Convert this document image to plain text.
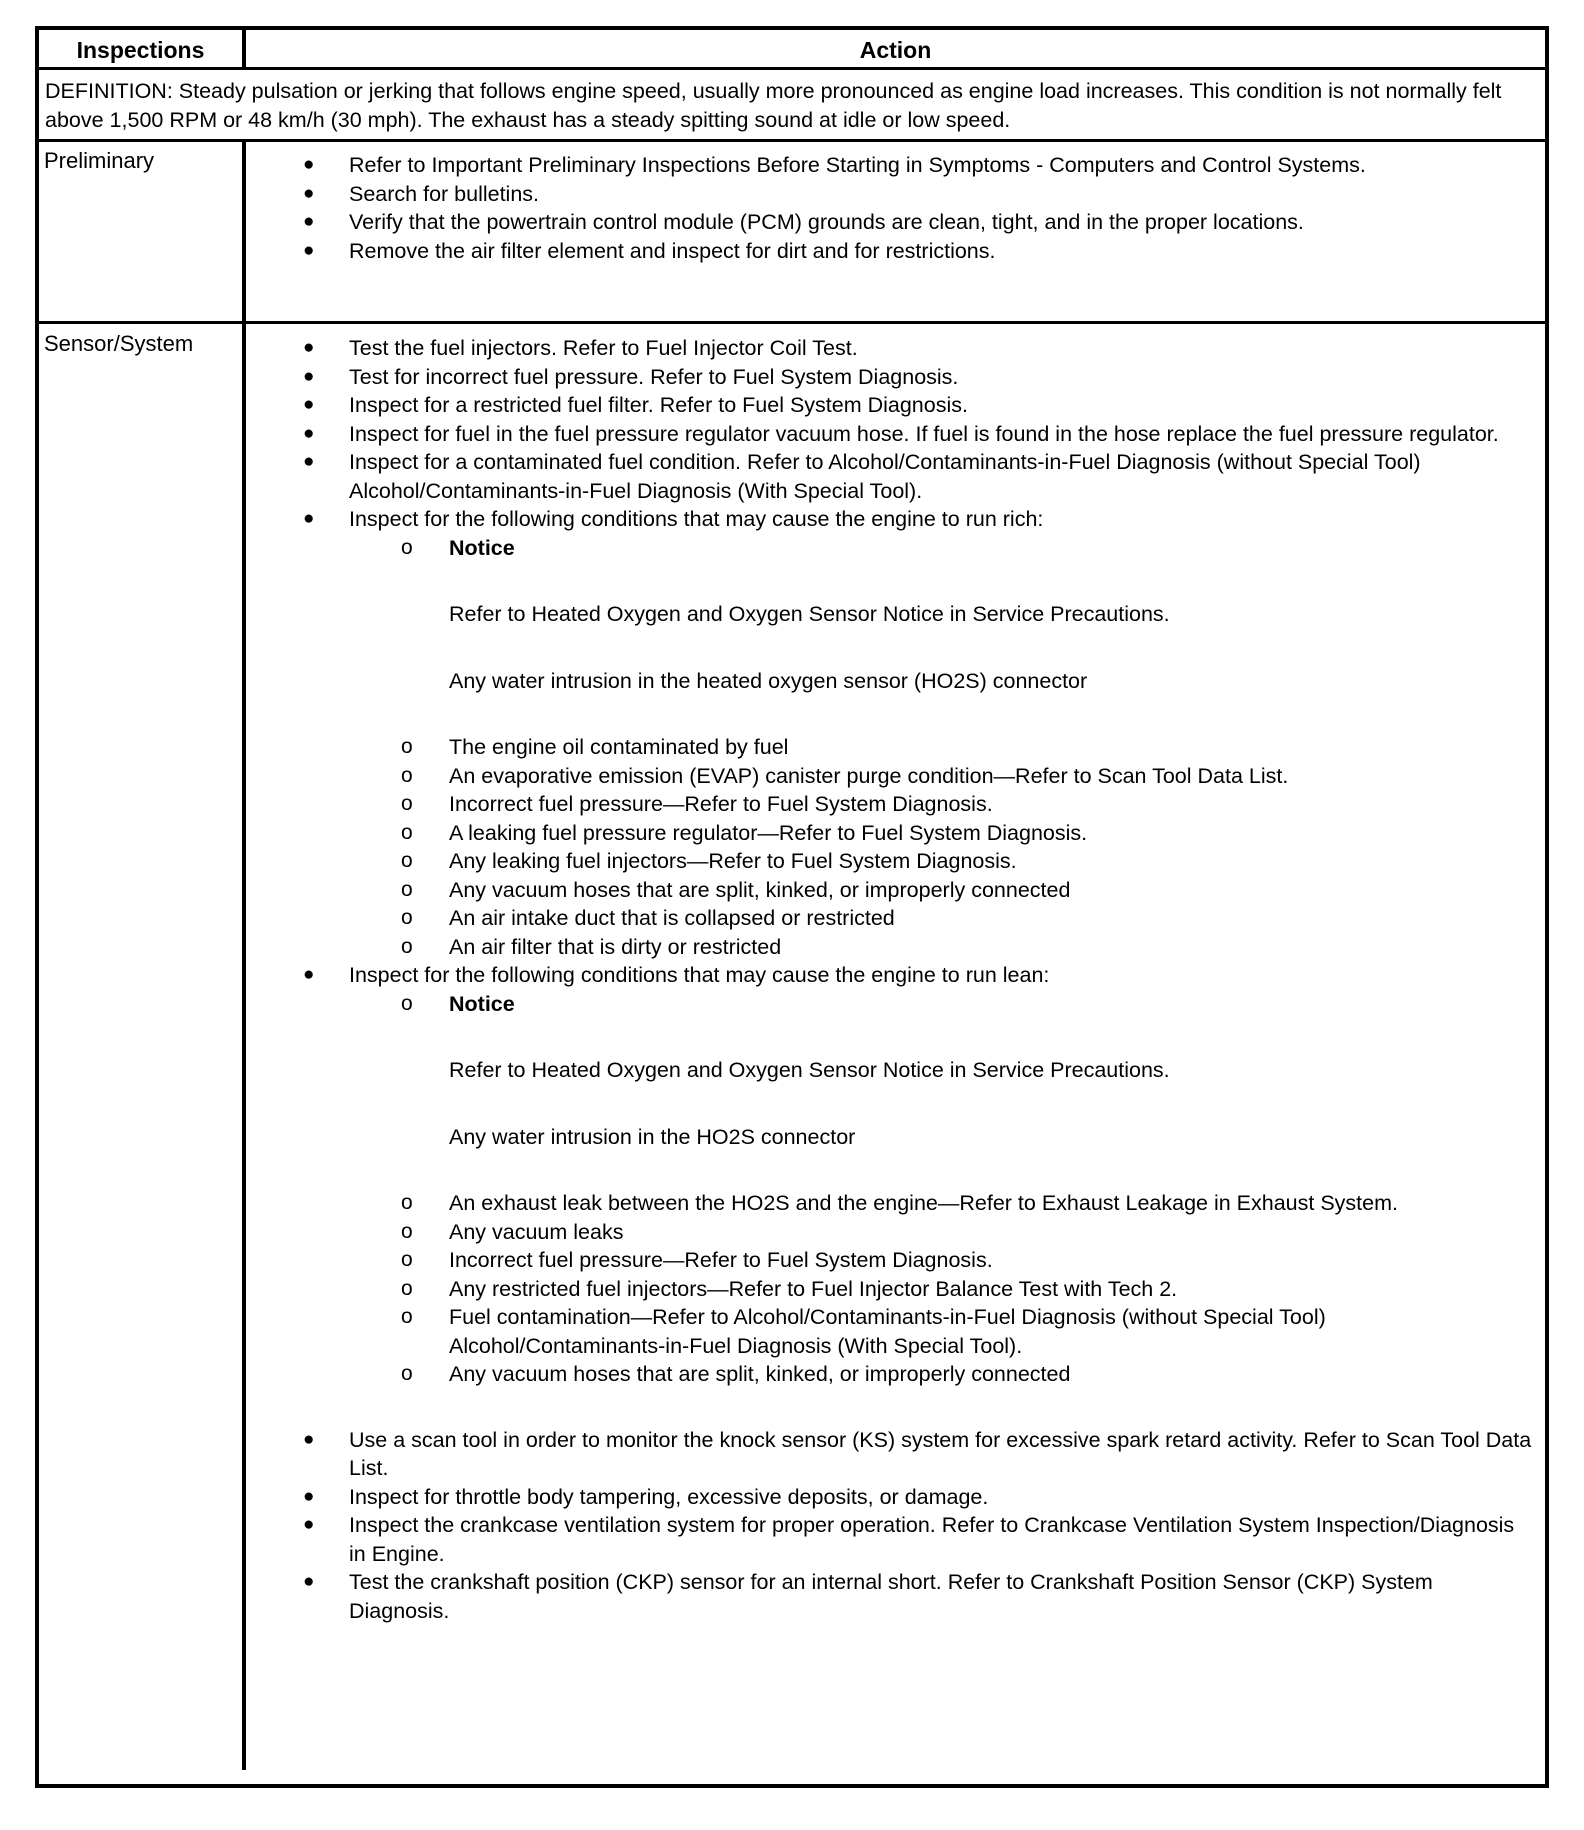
Inspections	Action
DEFINITION: Steady pulsation or jerking that follows engine speed, usually more pronounced as engine load increases. This condition is not normally felt above 1,500 RPM or 48 km/h (30 mph). The exhaust has a steady spitting sound at idle or low speed.
Preliminary	● Refer to Important Preliminary Inspections Before Starting in Symptoms - Computers and Control Systems.
● Search for bulletins.
● Verify that the powertrain control module (PCM) grounds are clean, tight, and in the proper locations.
● Remove the air filter element and inspect for dirt and for restrictions.
Sensor/System	● Test the fuel injectors. Refer to Fuel Injector Coil Test.
● Test for incorrect fuel pressure. Refer to Fuel System Diagnosis.
● Inspect for a restricted fuel filter. Refer to Fuel System Diagnosis.
● Inspect for fuel in the fuel pressure regulator vacuum hose. If fuel is found in the hose replace the fuel pressure regulator.
● Inspect for a contaminated fuel condition. Refer to Alcohol/Contaminants-in-Fuel Diagnosis (without Special Tool) Alcohol/Contaminants-in-Fuel Diagnosis (With Special Tool).
● Inspect for the following conditions that may cause the engine to run rich:
o Notice
Refer to Heated Oxygen and Oxygen Sensor Notice in Service Precautions.
Any water intrusion in the heated oxygen sensor (HO2S) connector
o The engine oil contaminated by fuel
o An evaporative emission (EVAP) canister purge condition—Refer to Scan Tool Data List.
o Incorrect fuel pressure—Refer to Fuel System Diagnosis.
o A leaking fuel pressure regulator—Refer to Fuel System Diagnosis.
o Any leaking fuel injectors—Refer to Fuel System Diagnosis.
o Any vacuum hoses that are split, kinked, or improperly connected
o An air intake duct that is collapsed or restricted
o An air filter that is dirty or restricted
● Inspect for the following conditions that may cause the engine to run lean:
o Notice
Refer to Heated Oxygen and Oxygen Sensor Notice in Service Precautions.
Any water intrusion in the HO2S connector
o An exhaust leak between the HO2S and the engine—Refer to Exhaust Leakage in Exhaust System.
o Any vacuum leaks
o Incorrect fuel pressure—Refer to Fuel System Diagnosis.
o Any restricted fuel injectors—Refer to Fuel Injector Balance Test with Tech 2.
o Fuel contamination—Refer to Alcohol/Contaminants-in-Fuel Diagnosis (without Special Tool) Alcohol/Contaminants-in-Fuel Diagnosis (With Special Tool).
o Any vacuum hoses that are split, kinked, or improperly connected
● Use a scan tool in order to monitor the knock sensor (KS) system for excessive spark retard activity. Refer to Scan Tool Data List.
● Inspect for throttle body tampering, excessive deposits, or damage.
● Inspect the crankcase ventilation system for proper operation. Refer to Crankcase Ventilation System Inspection/Diagnosis in Engine.
● Test the crankshaft position (CKP) sensor for an internal short. Refer to Crankshaft Position Sensor (CKP) System Diagnosis.
